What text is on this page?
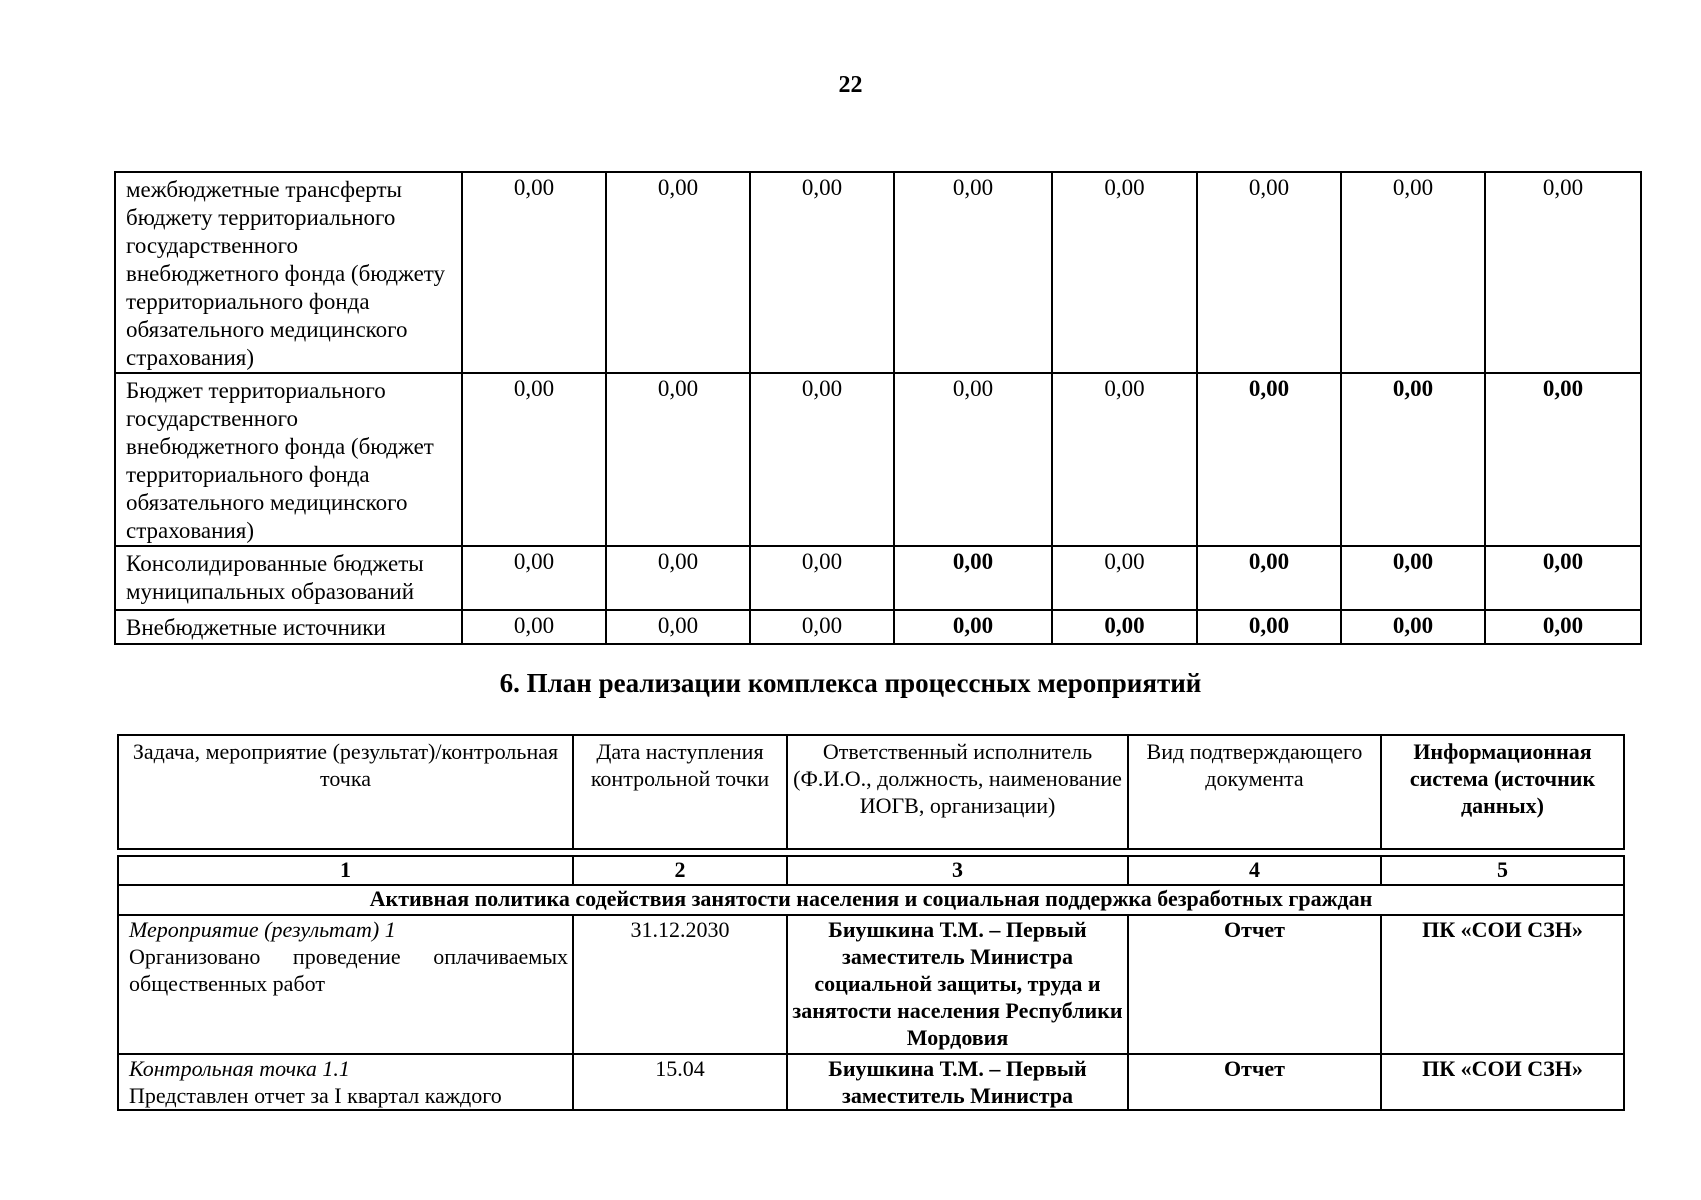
22
межбюджетные трансферты бюджету территориального государственного внебюджетного фонда (бюджету территориального фонда обязательного медицинского страхования)	0,00	0,00	0,00	0,00	0,00	0,00	0,00	0,00
Бюджет территориального государственного внебюджетного фонда (бюджет территориального фонда обязательного медицинского страхования)	0,00	0,00	0,00	0,00	0,00	0,00	0,00	0,00
Консолидированные бюджеты муниципальных образований	0,00	0,00	0,00	0,00	0,00	0,00	0,00	0,00
Внебюджетные источники	0,00	0,00	0,00	0,00	0,00	0,00	0,00	0,00
6. План реализации комплекса процессных мероприятий
Задача, мероприятие (результат)/контрольная точка	Дата наступления контрольной точки	Ответственный исполнитель (Ф.И.О., должность, наименование ИОГВ, организации)	Вид подтверждающего документа	Информационная система (источник данных)
1	2	3	4	5
Активная политика содействия занятости населения и социальная поддержка безработных граждан				

Мероприятие (результат) 1
Организовано проведение оплачиваемых общественных работ	31.12.2030	Биушкина Т.М. – Первый заместитель Министра социальной защиты, труда и занятости населения Республики Мордовия	Отчет	ПК «СОИ СЗН»

Контрольная точка 1.1
Представлен отчет за I квартал каждого	15.04	Биушкина Т.М. – Первый заместитель Министра	Отчет	ПК «СОИ СЗН»
